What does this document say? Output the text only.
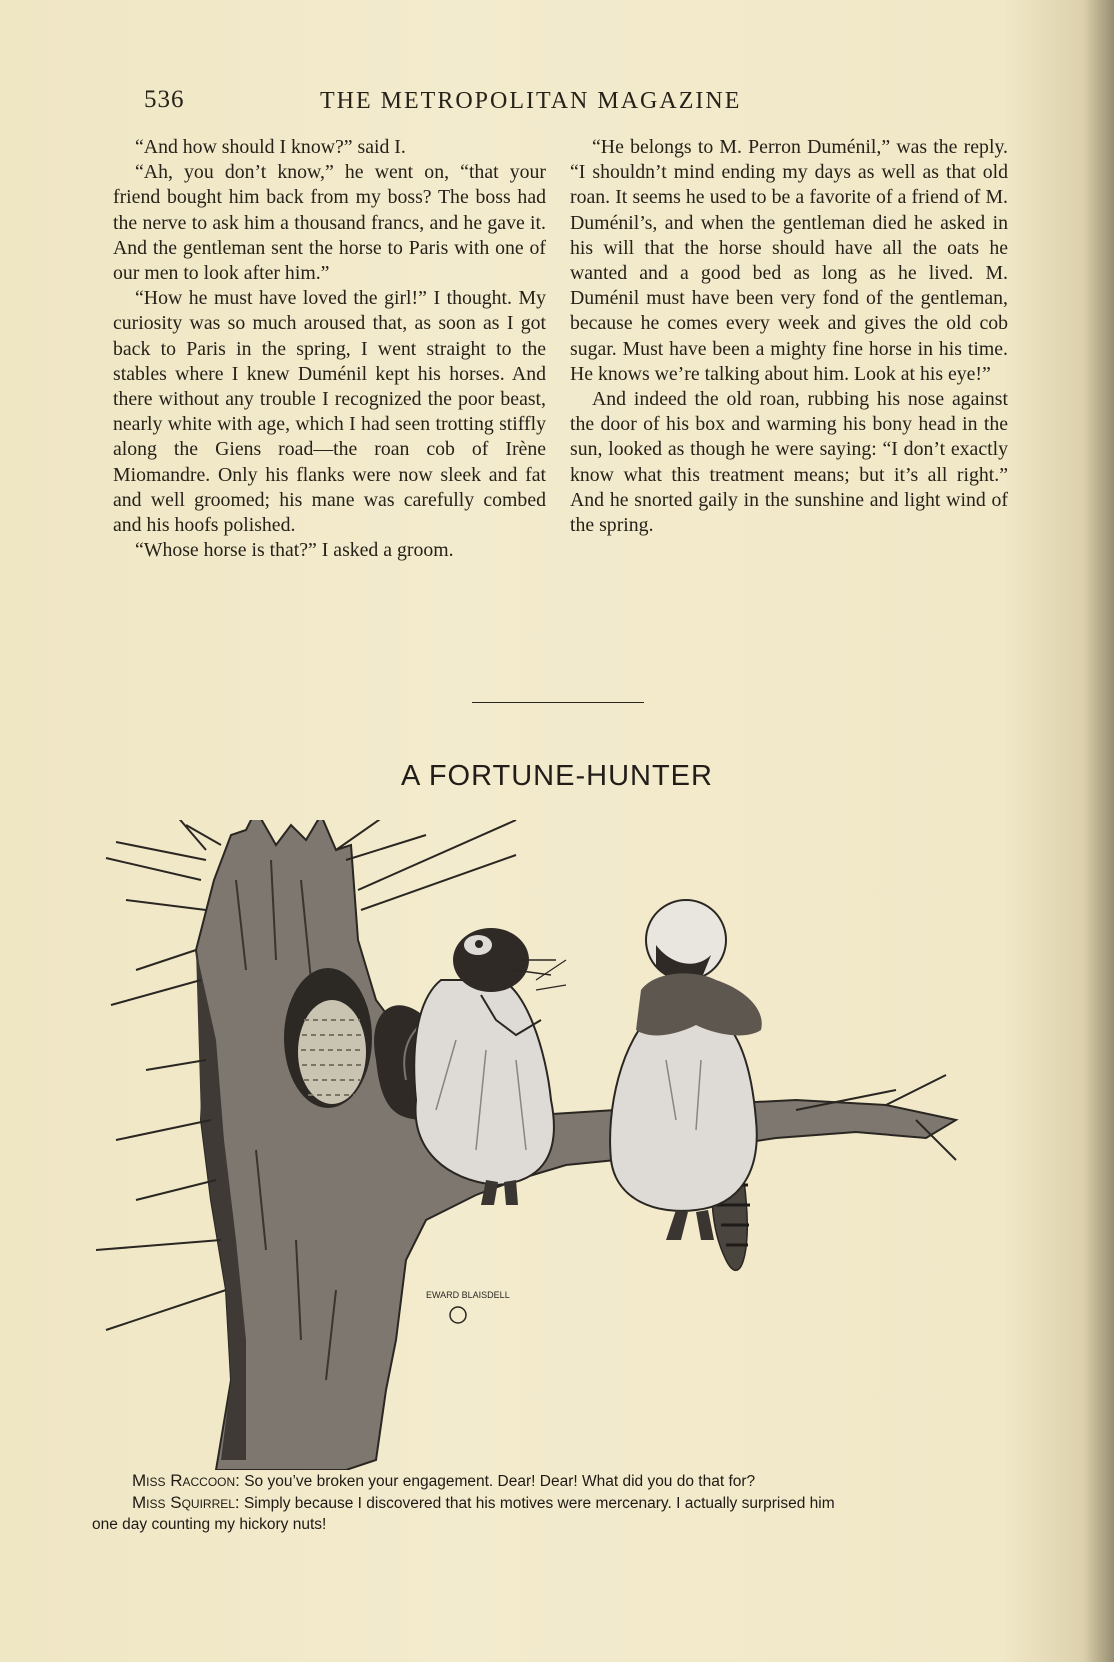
536	THE METROPOLITAN MAGAZINE

“And how should I know?” said I.

“Ah, you don’t know,” he went on, “that your friend bought him back from my boss? The boss had the nerve to ask him a thousand francs, and he gave it. And the gentleman sent the horse to Paris with one of our men to look after him.”

“How he must have loved the girl!” I thought. My curiosity was so much aroused that, as soon as I got back to Paris in the spring, I went straight to the stables where I knew Duménil kept his horses. And there without any trouble I recognized the poor beast, nearly white with age, which I had seen trotting stiffly along the Giens road—the roan cob of Irène Miomandre. Only his flanks were now sleek and fat and well groomed; his mane was carefully combed and his hoofs polished.

“Whose horse is that?” I asked a groom.

“He belongs to M. Perron Duménil,” was the reply. “I shouldn’t mind ending my days as well as that old roan. It seems he used to be a favorite of a friend of M. Duménil’s, and when the gentleman died he asked in his will that the horse should have all the oats he wanted and a good bed as long as he lived. M. Duménil must have been very fond of the gentleman, because he comes every week and gives the old cob sugar. Must have been a mighty fine horse in his time. He knows we’re talking about him. Look at his eye!”

And indeed the old roan, rubbing his nose against the door of his box and warming his bony head in the sun, looked as though he were saying: “I don’t exactly know what this treatment means; but it’s all right.” And he snorted gaily in the sunshine and light wind of the spring.

A FORTUNE-HUNTER
EWARD BLAISDELL
Miss Raccoon: So you’ve broken your engagement. Dear! Dear! What did you do that for?
Miss Squirrel: Simply because I discovered that his motives were mercenary. I actually surprised him
one day counting my hickory nuts!
